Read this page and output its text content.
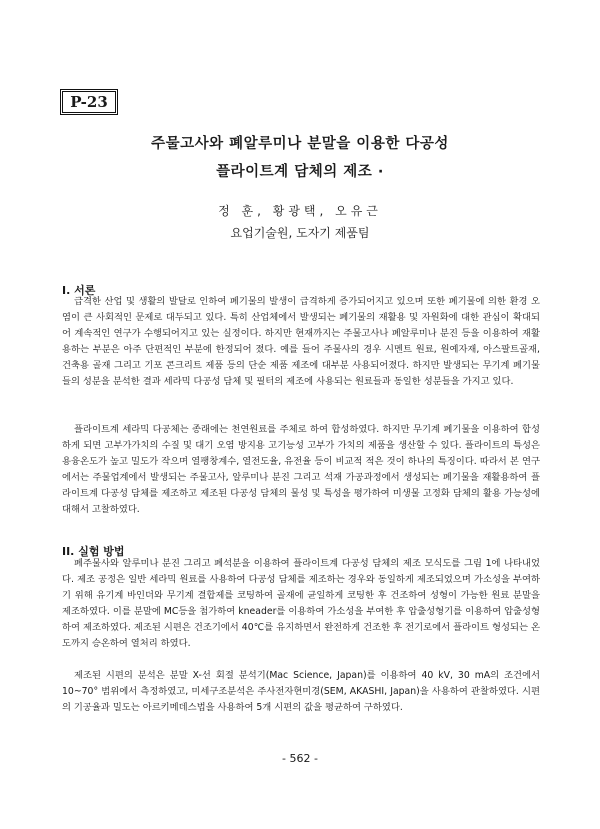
P-23
주물고사와 폐알루미나 분말을 이용한 다공성
플라이트계 담체의 제조 ·
정 훈, 황광택, 오유근
요업기술원, 도자기 제품팀
I. 서론

급격한 산업 및 생활의 발달로 인하여 폐기물의 발생이 급격하게 증가되어지고 있으며 또한 폐기물에 의한 환경 오염이 큰 사회적인 문제로 대두되고 있다. 특히 산업체에서 발생되는 폐기물의 재활용 및 자원화에 대한 관심이 확대되어 계속적인 연구가 수행되어지고 있는 실정이다. 하지만 현재까지는 주물고사나 폐알루미나 분진 등을 이용하여 재활용하는 부분은 아주 단편적인 부분에 한정되어 졌다. 예를 들어 주물사의 경우 시멘트 원료, 원예자재, 아스팔트골재, 건축용 골재 그리고 기포 콘크리트 제품 등의 단순 제품 제조에 대부분 사용되어졌다. 하지만 발생되는 무기계 폐기물들의 성분을 분석한 결과 세라믹 다공성 담체 및 필터의 제조에 사용되는 원료들과 동일한 성분들을 가지고 있다.

플라이트계 세라믹 다공체는 종래에는 천연원료를 주체로 하여 합성하였다. 하지만 무기계 폐기물을 이용하여 합성하게 되면 고부가가치의 수질 및 대기 오염 방지용 고기능성 고부가 가치의 제품을 생산할 수 있다. 플라이트의 특성은 용융온도가 높고 밀도가 작으며 열팽창계수, 열전도율, 유전율 등이 비교적 적은 것이 하나의 특징이다. 따라서 본 연구에서는 주물업계에서 발생되는 주물고사, 알루미나 분진 그리고 석재 가공과정에서 생성되는 폐기물을 재활용하여 플라이트계 다공성 담체를 제조하고 제조된 다공성 담체의 물성 및 특성을 평가하여 미생물 고정화 담체의 활용 가능성에 대해서 고찰하였다.

II. 실험 방법

폐주물사와 알루미나 분진 그리고 폐석분을 이용하여 플라이트계 다공성 담체의 제조 모식도를 그림 1에 나타내었다. 제조 공정은 일반 세라믹 원료를 사용하여 다공성 담체를 제조하는 경우와 동일하게 제조되었으며 가소성을 부여하기 위해 유기계 바인더와 무기계 결합제를 코팅하여 골재에 균일하게 코팅한 후 건조하여 성형이 가능한 원료 분말을 제조하였다. 이를 분말에 MC등을 첨가하여 kneader를 이용하여 가소성을 부여한 후 압출성형기를 이용하여 압출성형하여 제조하였다. 제조된 시편은 건조기에서 40℃를 유지하면서 완전하게 건조한 후 전기로에서 플라이트 형성되는 온도까지 승온하여 열처리 하였다.

제조된 시편의 분석은 분말 X-선 회절 분석기(Mac Science, Japan)를 이용하여 40 kV, 30 mA의 조건에서 10~70° 범위에서 측정하였고, 미세구조분석은 주사전자현미경(SEM, AKASHI, Japan)을 사용하여 관찰하였다. 시편의 기공율과 밀도는 아르키메데스법을 사용하여 5개 시편의 값을 평균하여 구하였다.

- 562 -
